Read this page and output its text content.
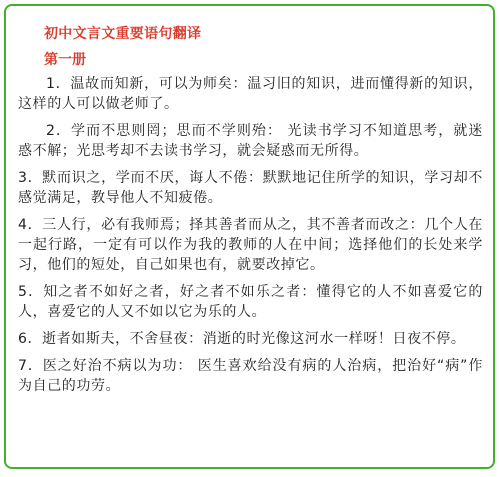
初中文言文重要语句翻译
第一册

1．温故而知新，可以为师矣：温习旧的知识，进而懂得新的知识，这样的人可以做老师了。

2．学而不思则罔；思而不学则殆： 光读书学习不知道思考，就迷惑不解；光思考却不去读书学习，就会疑惑而无所得。

3．默而识之，学而不厌，诲人不倦：默默地记住所学的知识，学习却不感觉满足，教导他人不知疲倦。

4．三人行，必有我师焉；择其善者而从之，其不善者而改之：几个人在一起行路，一定有可以作为我的教师的人在中间；选择他们的长处来学习，他们的短处，自己如果也有，就要改掉它。

5．知之者不如好之者，好之者不如乐之者：懂得它的人不如喜爱它的人，喜爱它的人又不如以它为乐的人。

6．逝者如斯夫，不舍昼夜：消逝的时光像这河水一样呀！日夜不停。

7．医之好治不病以为功： 医生喜欢给没有病的人治病，把治好“病”作为自己的功劳。
